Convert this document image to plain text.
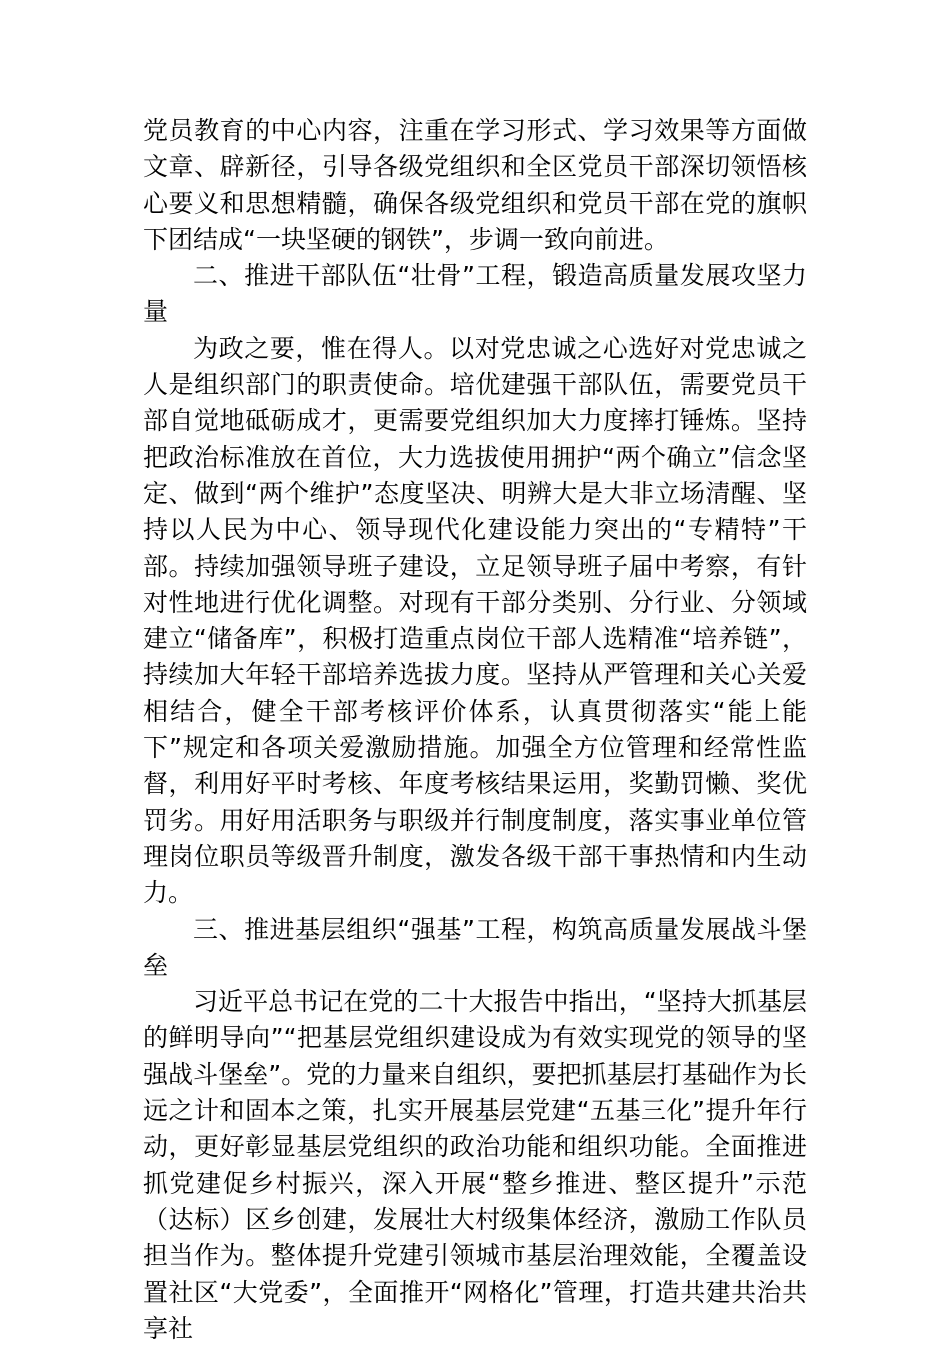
党员教育的中心内容，注重在学习形式、学习效果等方面做文章、辟新径，引导各级党组织和全区党员干部深切领悟核心要义和思想精髓，确保各级党组织和党员干部在党的旗帜下团结成“一块坚硬的钢铁”，步调一致向前进。

二、推进干部队伍“壮骨”工程，锻造高质量发展攻坚力量

为政之要，惟在得人。以对党忠诚之心选好对党忠诚之人是组织部门的职责使命。培优建强干部队伍，需要党员干部自觉地砥砺成才，更需要党组织加大力度摔打锤炼。坚持把政治标准放在首位，大力选拔使用拥护“两个确立”信念坚定、做到“两个维护”态度坚决、明辨大是大非立场清醒、坚持以人民为中心、领导现代化建设能力突出的“专精特”干部。持续加强领导班子建设，立足领导班子届中考察，有针对性地进行优化调整。对现有干部分类别、分行业、分领域建立“储备库”，积极打造重点岗位干部人选精准“培养链”，持续加大年轻干部培养选拔力度。坚持从严管理和关心关爱相结合，健全干部考核评价体系，认真贯彻落实“能上能下”规定和各项关爱激励措施。加强全方位管理和经常性监督，利用好平时考核、年度考核结果运用，奖勤罚懒、奖优罚劣。用好用活职务与职级并行制度制度，落实事业单位管理岗位职员等级晋升制度，激发各级干部干事热情和内生动力。

三、推进基层组织“强基”工程，构筑高质量发展战斗堡垒

习近平总书记在党的二十大报告中指出，“坚持大抓基层的鲜明导向”“把基层党组织建设成为有效实现党的领导的坚强战斗堡垒”。党的力量来自组织，要把抓基层打基础作为长远之计和固本之策，扎实开展基层党建“五基三化”提升年行动，更好彰显基层党组织的政治功能和组织功能。全面推进抓党建促乡村振兴，深入开展“整乡推进、整区提升”示范（达标）区乡创建，发展壮大村级集体经济，激励工作队员担当作为。整体提升党建引领城市基层治理效能，全覆盖设置社区“大党委”，全面推开“网格化”管理，打造共建共治共享社
